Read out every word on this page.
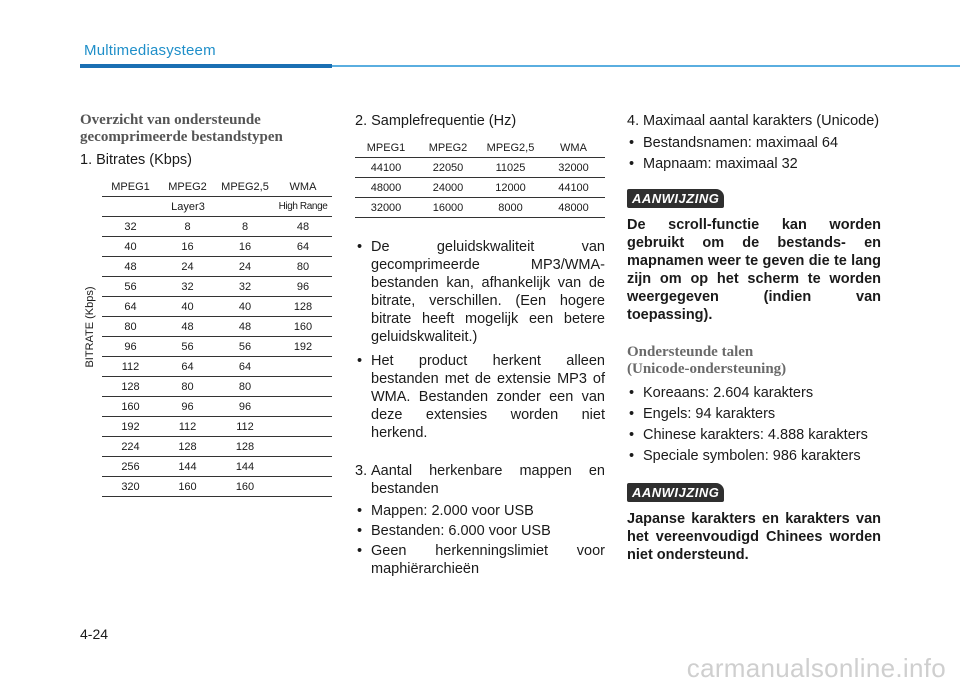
Multimediasysteem
Overzicht van ondersteunde
gecomprimeerde bestandstypen
1. Bitrates (Kbps)
BITRATE (Kbps)
MPEG1	MPEG2	MPEG2,5	WMA
Layer3			High Range
32	8	8	48
40	16	16	64
48	24	24	80
56	32	32	96
64	40	40	128
80	48	48	160
96	56	56	192
112	64	64	
128	80	80	
160	96	96	
192	112	112	
224	128	128	
256	144	144	
320	160	160	
2. Samplefrequentie (Hz)
MPEG1	MPEG2	MPEG2,5	WMA
44100	22050	11025	32000
48000	24000	12000	44100
32000	16000	8000	48000
• De geluidskwaliteit van gecomprimeerde MP3/WMA-bestanden kan, afhankelijk van de bitrate, verschillen. (Een hogere bitrate heeft mogelijk een betere geluidskwaliteit.)
• Het product herkent alleen bestanden met de extensie MP3 of WMA. Bestanden zonder een van deze extensies worden niet herkend.
3. Aantal herkenbare mappen en bestanden
• Mappen: 2.000 voor USB
• Bestanden: 6.000 voor USB
• Geen herkenningslimiet voor maphiërarchieën
4. Maximaal aantal karakters (Unicode)
• Bestandsnamen: maximaal 64
• Mapnaam: maximaal 32
AANWIJZING
De scroll-functie kan worden gebruikt om de bestands- en mapnamen weer te geven die te lang zijn om op het scherm te worden weergegeven (indien van toepassing).
Ondersteunde talen
(Unicode-ondersteuning)
• Koreaans: 2.604 karakters
• Engels: 94 karakters
• Chinese karakters: 4.888 karakters
• Speciale symbolen: 986 karakters
AANWIJZING
Japanse karakters en karakters van het vereenvoudigd Chinees worden niet ondersteund.
4-24
carmanualsonline.info
